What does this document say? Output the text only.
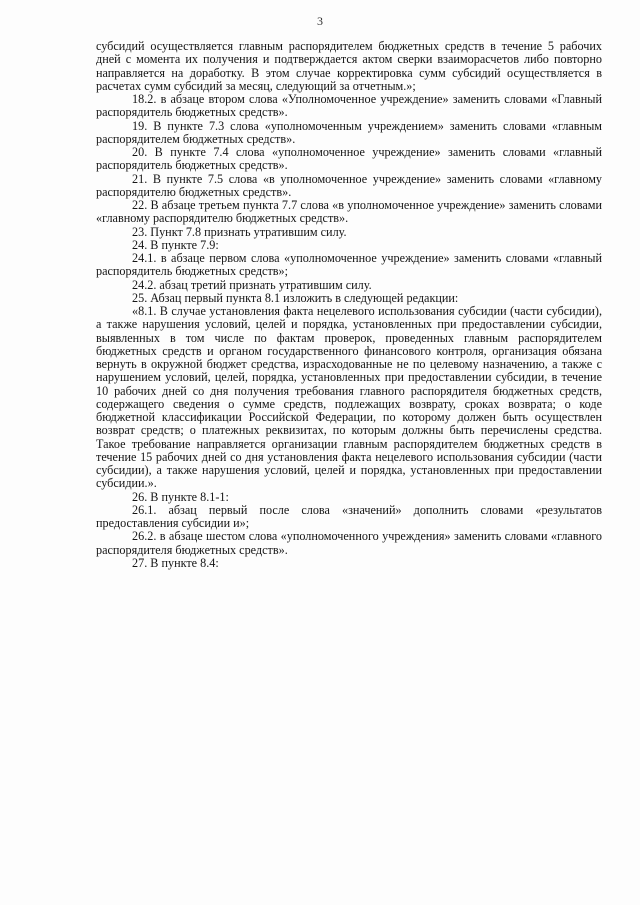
3

субсидий осуществляется главным распорядителем бюджетных средств в течение 5 рабочих дней с момента их получения и подтверждается актом сверки взаиморасчетов либо повторно направляется на доработку. В этом случае корректировка сумм субсидий осуществляется в расчетах сумм субсидий за месяц, следующий за отчетным.»;

18.2. в абзаце втором слова «Уполномоченное учреждение» заменить словами «Главный распорядитель бюджетных средств».

19. В пункте 7.3 слова «уполномоченным учреждением» заменить словами «главным распорядителем бюджетных средств».

20. В пункте 7.4 слова «уполномоченное учреждение» заменить словами «главный распорядитель бюджетных средств».

21. В пункте 7.5 слова «в уполномоченное учреждение» заменить словами «главному распорядителю бюджетных средств».

22. В абзаце третьем пункта 7.7 слова «в уполномоченное учреждение» заменить словами «главному распорядителю бюджетных средств».

23. Пункт 7.8 признать утратившим силу.

24. В пункте 7.9:

24.1. в абзаце первом слова «уполномоченное учреждение» заменить словами «главный распорядитель бюджетных средств»;

24.2. абзац третий признать утратившим силу.

25. Абзац первый пункта 8.1 изложить в следующей редакции:

«8.1. В случае установления факта нецелевого использования субсидии (части субсидии), а также нарушения условий, целей и порядка, установленных при предоставлении субсидии, выявленных в том числе по фактам проверок, проведенных главным распорядителем бюджетных средств и органом государственного финансового контроля, организация обязана вернуть в окружной бюджет средства, израсходованные не по целевому назначению, а также с нарушением условий, целей, порядка, установленных при предоставлении субсидии, в течение 10 рабочих дней со дня получения требования главного распорядителя бюджетных средств, содержащего сведения о сумме средств, подлежащих возврату, сроках возврата; о коде бюджетной классификации Российской Федерации, по которому должен быть осуществлен возврат средств; о платежных реквизитах, по которым должны быть перечислены средства. Такое требование направляется организации главным распорядителем бюджетных средств в течение 15 рабочих дней со дня установления факта нецелевого использования субсидии (части субсидии), а также нарушения условий, целей и порядка, установленных при предоставлении субсидии.».

26. В пункте 8.1-1:

26.1. абзац первый после слова «значений» дополнить словами «результатов предоставления субсидии и»;

26.2. в абзаце шестом слова «уполномоченного учреждения» заменить словами «главного распорядителя бюджетных средств».

27. В пункте 8.4:
